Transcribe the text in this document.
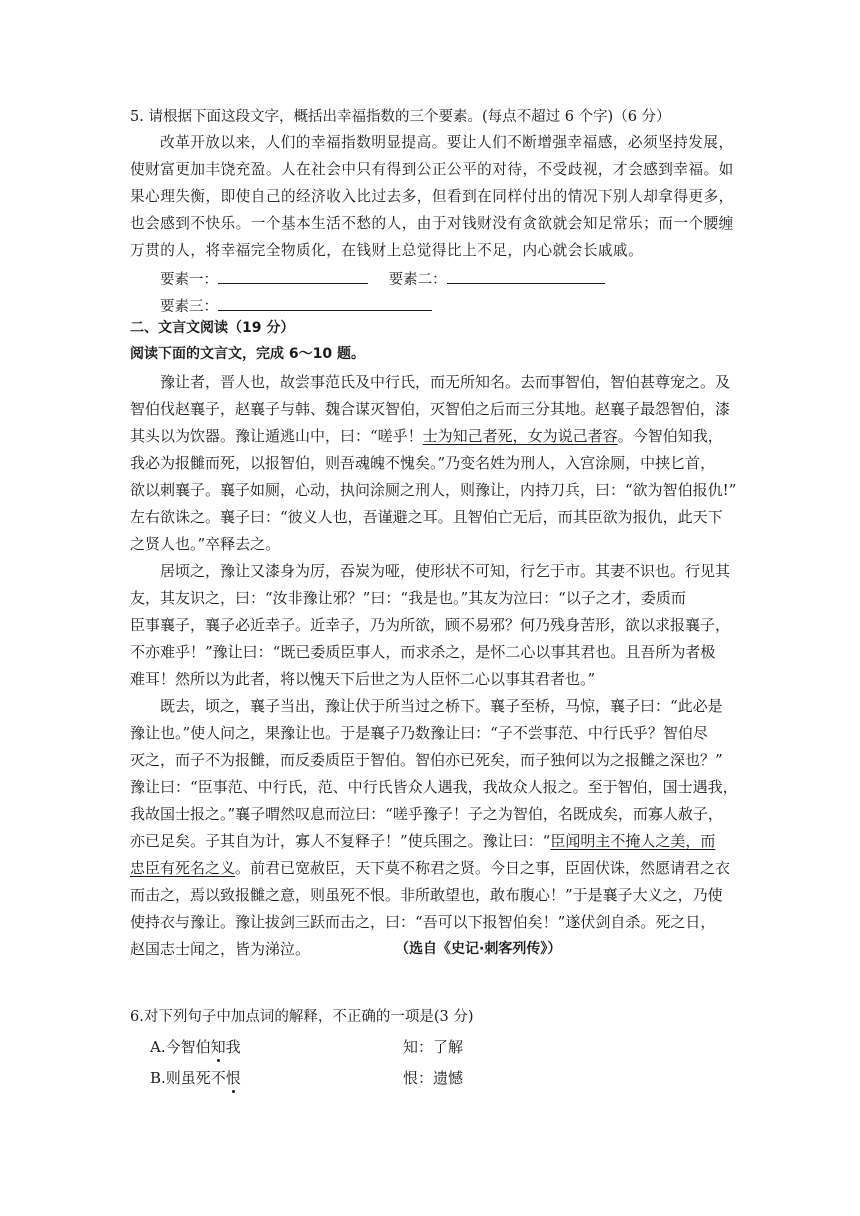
5. 请根据下面这段文字，概括出幸福指数的三个要素。(每点不超过 6 个字)（6 分）
改革开放以来，人们的幸福指数明显提高。要让人们不断增强幸福感，必须坚持发展，
使财富更加丰饶充盈。人在社会中只有得到公正公平的对待，不受歧视，才会感到幸福。如
果心理失衡，即使自己的经济收入比过去多，但看到在同样付出的情况下别人却拿得更多，
也会感到不快乐。一个基本生活不愁的人，由于对钱财没有贪欲就会知足常乐；而一个腰缠
万贯的人，将幸福完全物质化，在钱财上总觉得比上不足，内心就会长戚戚。
要素一：	要素二：
要素三：
二、文言文阅读（19 分）
阅读下面的文言文，完成 6～10 题。
豫让者，晋人也，故尝事范氏及中行氏，而无所知名。去而事智伯，智伯甚尊宠之。及
智伯伐赵襄子，赵襄子与韩、魏合谋灭智伯，灭智伯之后而三分其地。赵襄子最怨智伯，漆
其头以为饮器。豫让遁逃山中，曰：“嗟乎！士为知己者死，女为说己者容。今智伯知我，
我必为报雠而死，以报智伯，则吾魂魄不愧矣。”乃变名姓为刑人，入宫涂厕，中挟匕首，
欲以刺襄子。襄子如厕，心动，执问涂厕之刑人，则豫让，内持刀兵，曰：“欲为智伯报仇!”
左右欲诛之。襄子曰：“彼义人也，吾谨避之耳。且智伯亡无后，而其臣欲为报仇，此天下
之贤人也。”卒释去之。
居顷之，豫让又漆身为厉，吞炭为哑，使形状不可知，行乞于市。其妻不识也。行见其
友，其友识之，曰：“汝非豫让邪？”曰：“我是也。”其友为泣曰：“以子之才，委质而
臣事襄子，襄子必近幸子。近幸子，乃为所欲，顾不易邪？何乃残身苦形，欲以求报襄子，
不亦难乎！”豫让曰：“既已委质臣事人，而求杀之，是怀二心以事其君也。且吾所为者极
难耳！然所以为此者，将以愧天下后世之为人臣怀二心以事其君者也。”
既去，顷之，襄子当出，豫让伏于所当过之桥下。襄子至桥，马惊，襄子曰：“此必是
豫让也。”使人问之，果豫让也。于是襄子乃数豫让曰：“子不尝事范、中行氏乎？智伯尽
灭之，而子不为报雠，而反委质臣于智伯。智伯亦已死矣，而子独何以为之报雠之深也？”
豫让曰：“臣事范、中行氏，范、中行氏皆众人遇我，我故众人报之。至于智伯，国士遇我，
我故国士报之。”襄子喟然叹息而泣曰：“嗟乎豫子！子之为智伯，名既成矣，而寡人赦子，
亦已足矣。子其自为计，寡人不复释子！”使兵围之。豫让曰：“臣闻明主不掩人之美，而
忠臣有死名之义。前君已宽赦臣，天下莫不称君之贤。今日之事，臣固伏诛，然愿请君之衣
而击之，焉以致报雠之意，则虽死不恨。非所敢望也，敢布腹心！”于是襄子大义之，乃使
使持衣与豫让。豫让拔剑三跃而击之，曰：“吾可以下报智伯矣！”遂伏剑自杀。死之日，
赵国志士闻之，皆为涕泣。	（选自《史记·刺客列传》）
6.对下列句子中加点词的解释，不正确的一项是(3 分)
A.今智伯知我	知：了解
B.则虽死不恨	恨：遗憾
